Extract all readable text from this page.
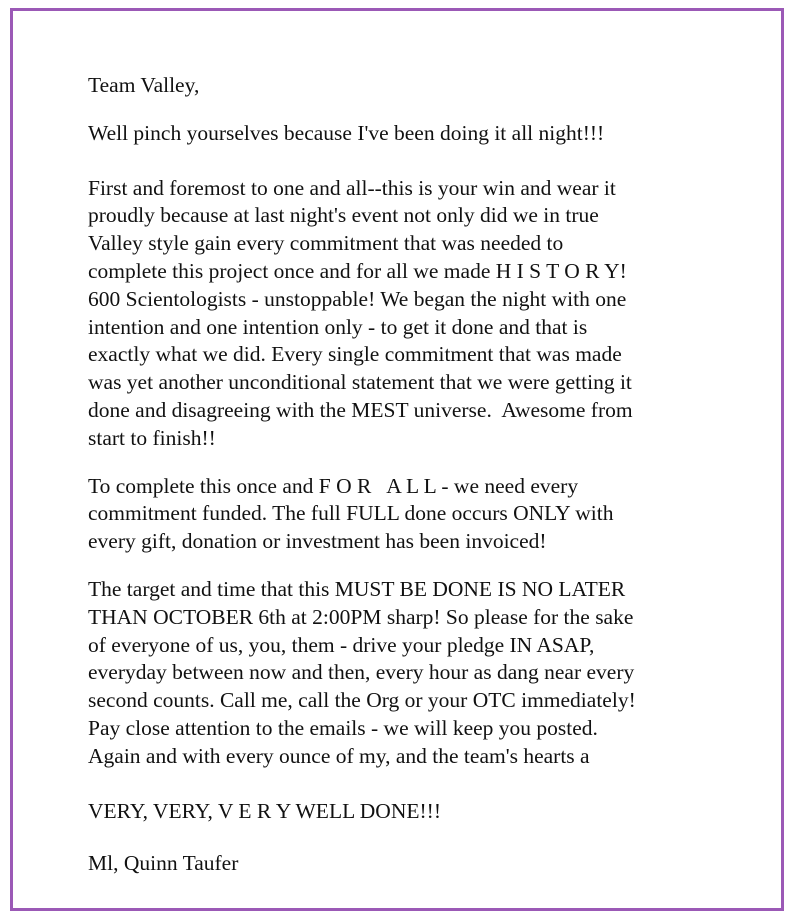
Team Valley,
Well pinch yourselves because I've been doing it all night!!!
First and foremost to one and all--this is your win and wear it
proudly because at last night's event not only did we in true
Valley style gain every commitment that was needed to
complete this project once and for all we made H I S T O R Y!
600 Scientologists - unstoppable! We began the night with one
intention and one intention only - to get it done and that is
exactly what we did. Every single commitment that was made
was yet another unconditional statement that we were getting it
done and disagreeing with the MEST universe.  Awesome from
start to finish!!
To complete this once and F O R   A L L - we need every
commitment funded. The full FULL done occurs ONLY with
every gift, donation or investment has been invoiced!
The target and time that this MUST BE DONE IS NO LATER
THAN OCTOBER 6th at 2:00PM sharp! So please for the sake
of everyone of us, you, them - drive your pledge IN ASAP,
everyday between now and then, every hour as dang near every
second counts. Call me, call the Org or your OTC immediately!
Pay close attention to the emails - we will keep you posted.
Again and with every ounce of my, and the team's hearts a
VERY, VERY, V E R Y WELL DONE!!!
Ml, Quinn Taufer
